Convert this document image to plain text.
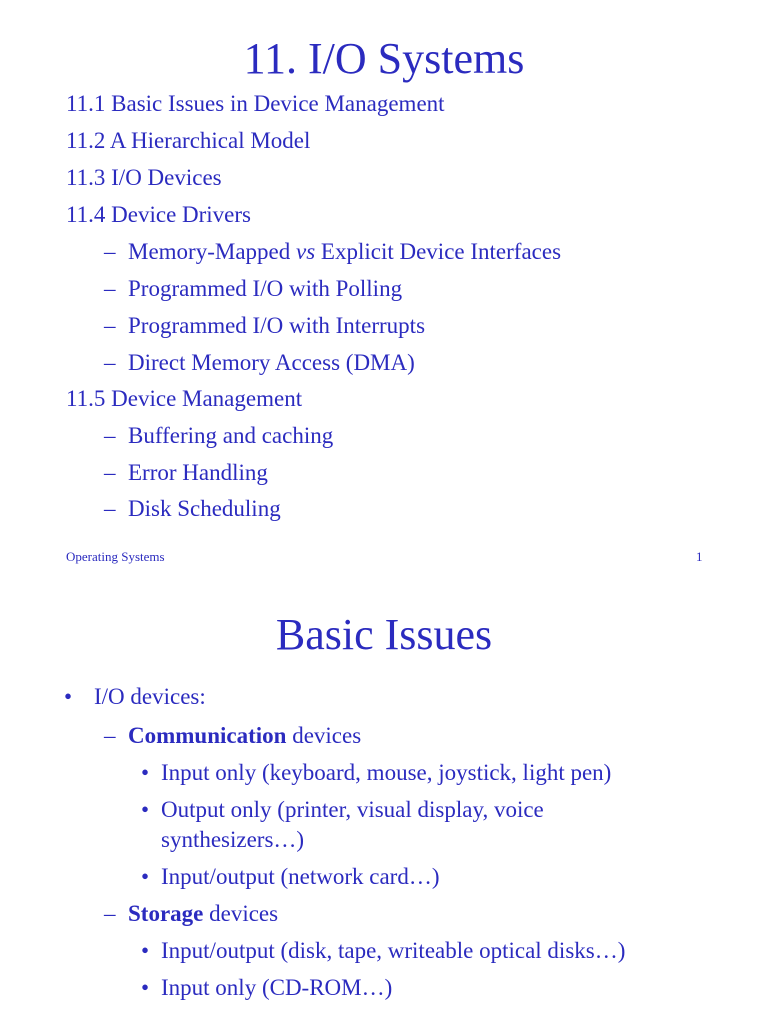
11. I/O Systems
11.1 Basic Issues in Device Management
11.2 A Hierarchical Model
11.3 I/O Devices
11.4 Device Drivers
– Memory-Mapped vs Explicit Device Interfaces
– Programmed I/O with Polling
– Programmed I/O with Interrupts
– Direct Memory Access (DMA)
11.5 Device Management
– Buffering and caching
– Error Handling
– Disk Scheduling
Operating Systems	1
Basic Issues
• I/O devices:
– Communication devices
• Input only (keyboard, mouse, joystick, light pen)
• Output only (printer, visual display, voice
synthesizers…)
• Input/output (network card…)
– Storage devices
• Input/output (disk, tape, writeable optical disks…)
• Input only (CD-ROM…)
